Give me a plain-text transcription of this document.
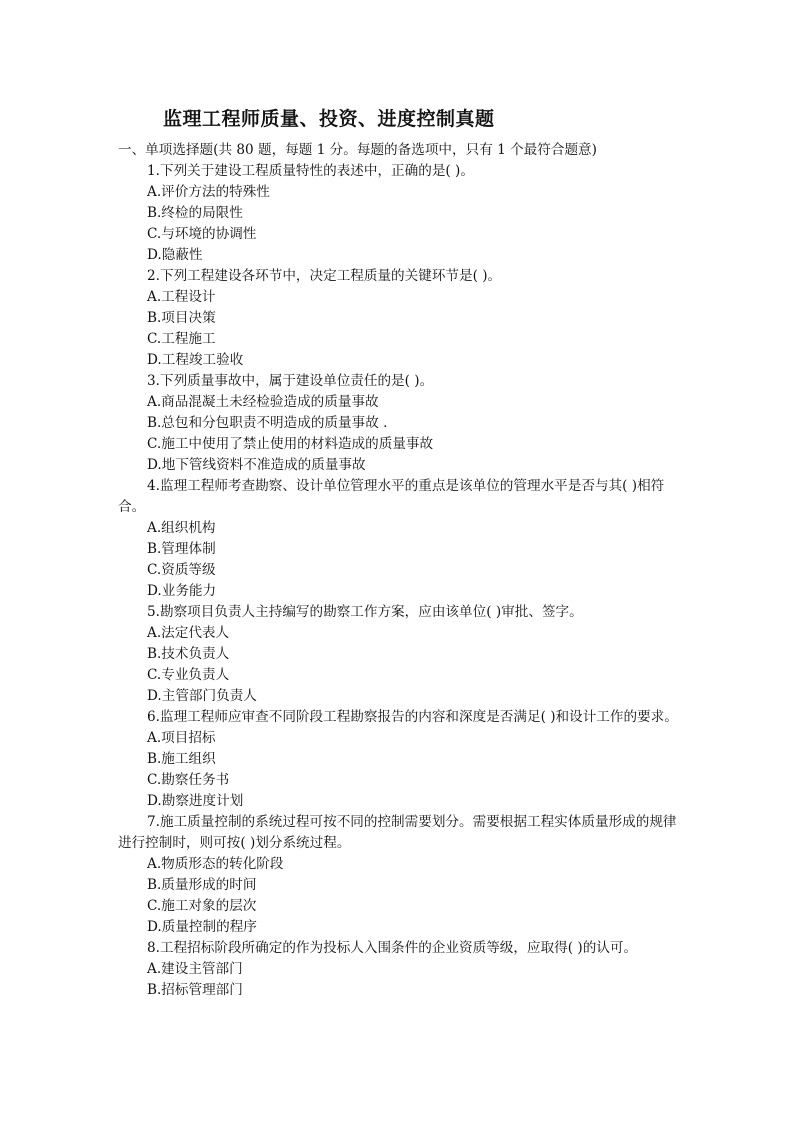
监理工程师质量、投资、进度控制真题
一、单项选择题(共 80 题，每题 1 分。每题的备选项中，只有 1 个最符合题意)
1.下列关于建设工程质量特性的表述中，正确的是( )。
A.评价方法的特殊性
B.终检的局限性
C.与环境的协调性
D.隐蔽性
2.下列工程建设各环节中，决定工程质量的关键环节是( )。
A.工程设计
B.项目决策
C.工程施工
D.工程竣工验收
3.下列质量事故中，属于建设单位责任的是( )。
A.商品混凝土未经检验造成的质量事故
B.总包和分包职责不明造成的质量事故 .
C.施工中使用了禁止使用的材料造成的质量事故
D.地下管线资料不准造成的质量事故
4.监理工程师考查勘察、设计单位管理水平的重点是该单位的管理水平是否与其( )相符合。
A.组织机构
B.管理体制
C.资质等级
D.业务能力
5.勘察项目负责人主持编写的勘察工作方案，应由该单位( )审批、签字。
A.法定代表人
B.技术负责人
C.专业负责人
D.主管部门负责人
6.监理工程师应审查不同阶段工程勘察报告的内容和深度是否满足( )和设计工作的要求。
A.项目招标
B.施工组织
C.勘察任务书
D.勘察进度计划
7.施工质量控制的系统过程可按不同的控制需要划分。需要根据工程实体质量形成的规律进行控制时，则可按( )划分系统过程。
A.物质形态的转化阶段
B.质量形成的时间
C.施工对象的层次
D.质量控制的程序
8.工程招标阶段所确定的作为投标人入围条件的企业资质等级，应取得( )的认可。
A.建设主管部门
B.招标管理部门
